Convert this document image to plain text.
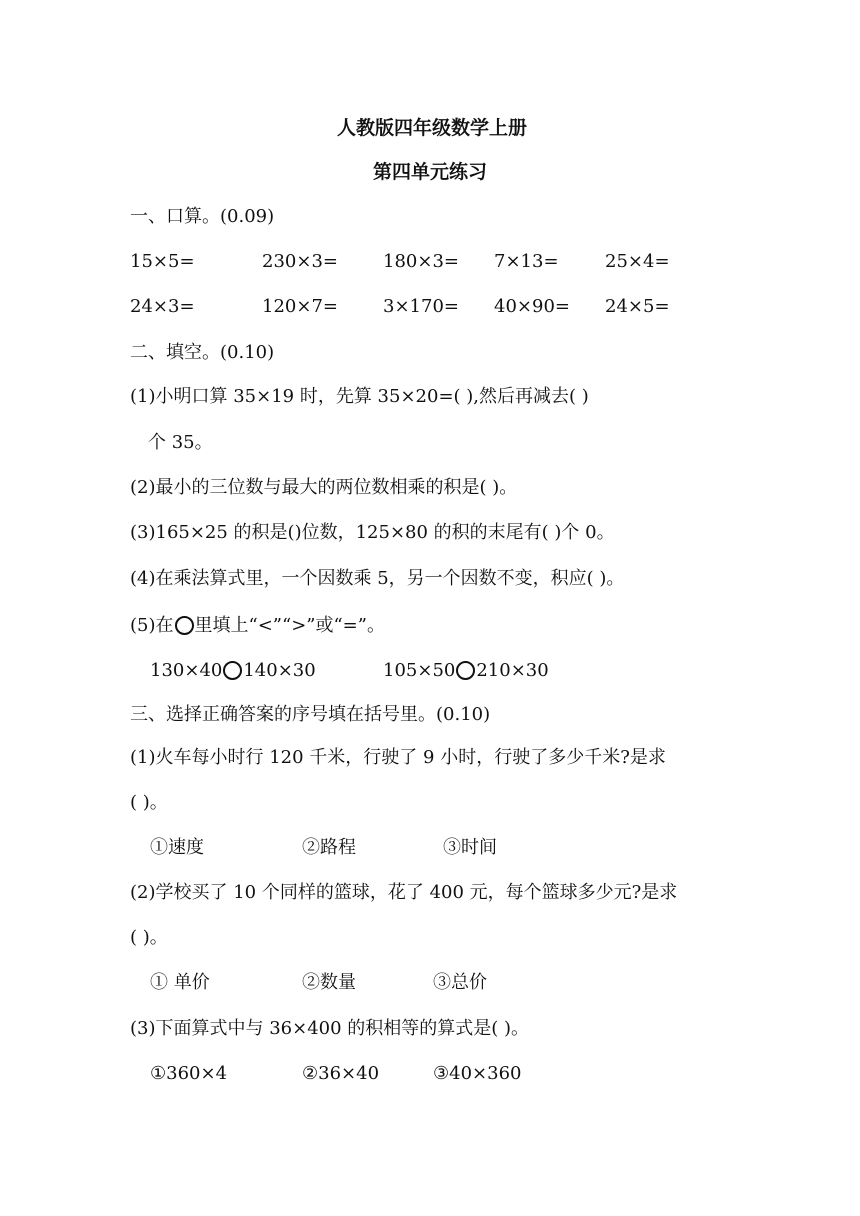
人教版四年级数学上册
第四单元练习
一、口算。(0.09)
15×5=	230×3=	180×3= 7×13=	25×4=
24×3=	120×7=	3×170= 40×90= 24×5=
二、填空。(0.10)
(1)小明口算 35×19 时，先算 35×20=( ),然后再减去( )
个 35。
(2)最小的三位数与最大的两位数相乘的积是( )。
(3)165×25 的积是()位数，125×80 的积的末尾有( )个 0。
(4)在乘法算式里，一个因数乘 5，另一个因数不变，积应( )。
(5)在 里填上“<”“>”或“=”。
130×40 140×30	105×50 210×30
三、选择正确答案的序号填在括号里。(0.10)
(1)火车每小时行 120 千米，行驶了 9 小时，行驶了多少千米?是求
( )。
①速度	②路程	③时间
(2)学校买了 10 个同样的篮球，花了 400 元，每个篮球多少元?是求
( )。
① 单价	②数量	③总价
(3)下面算式中与 36×400 的积相等的算式是( )。
①360×4	②36×40	③40×360
